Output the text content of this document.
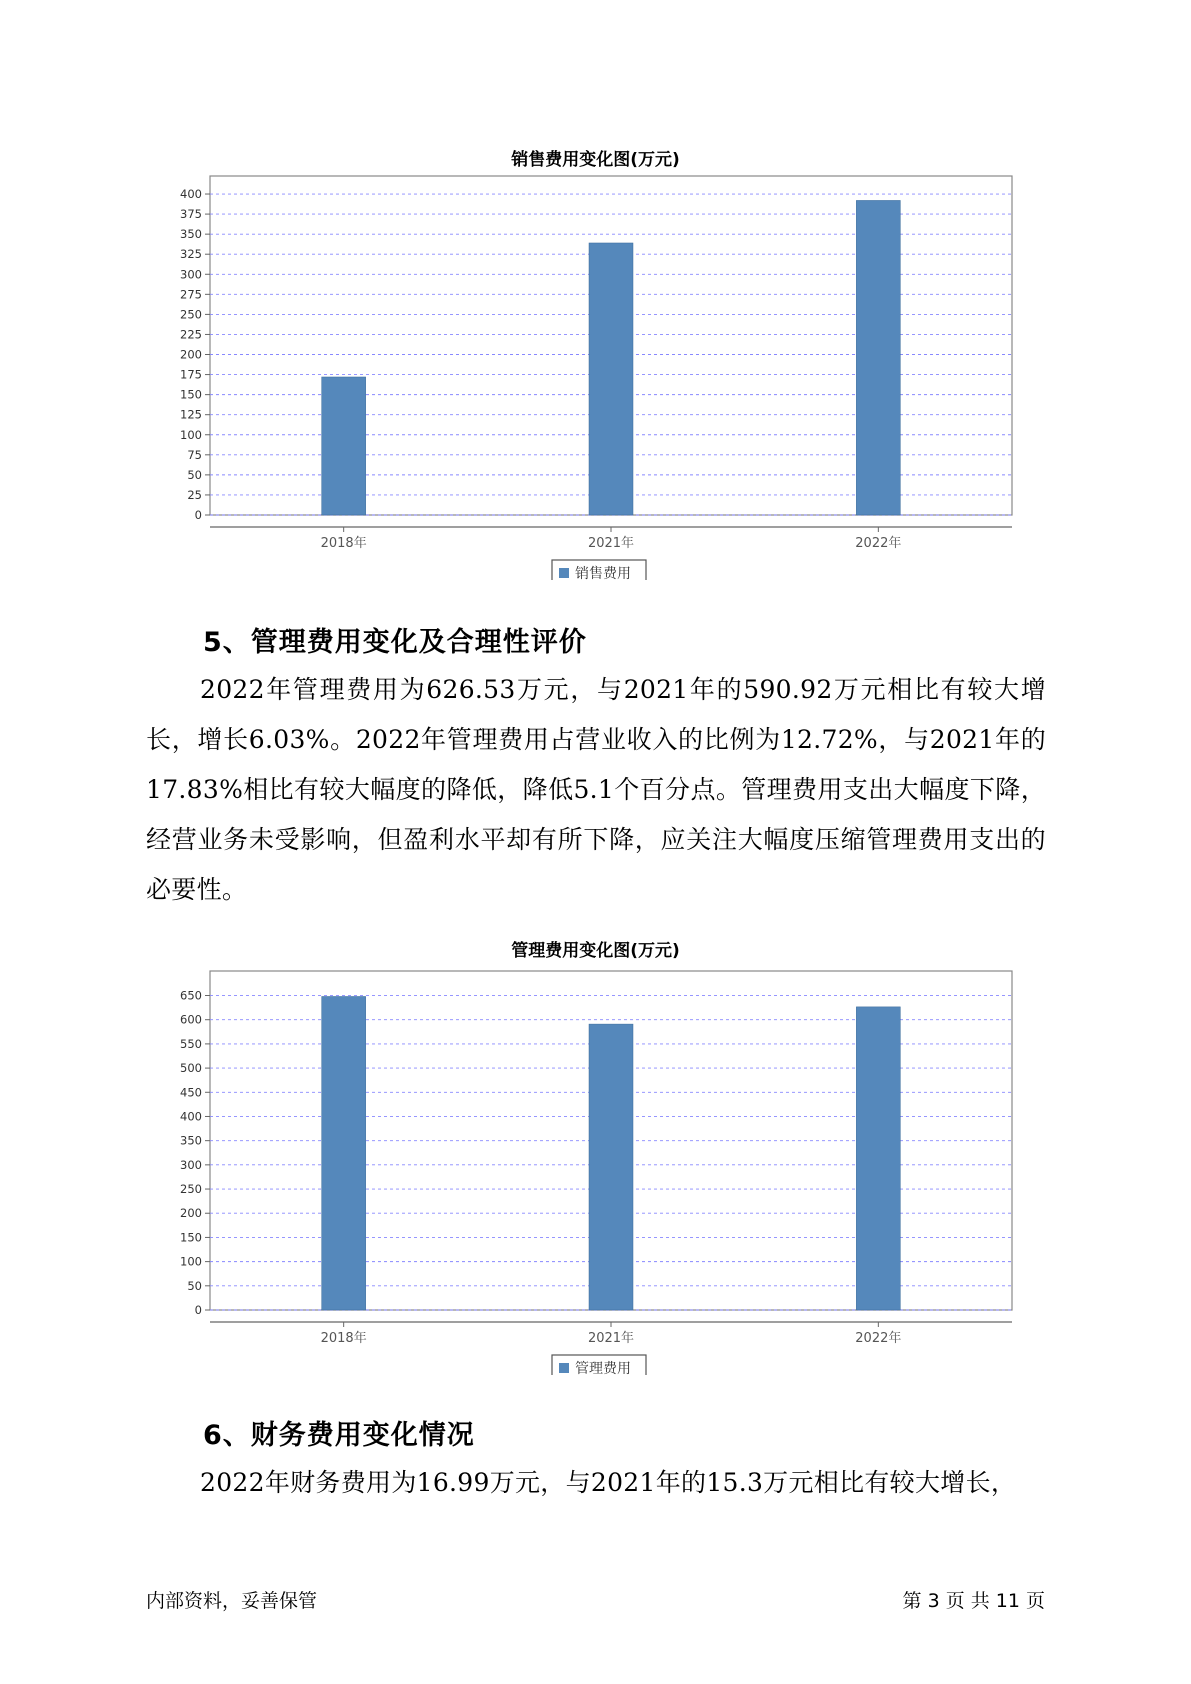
销售费用变化图(万元)
0
25
50
75
100
125
150
175
200
225
250
275
300
325
350
375
400
2018年	2021年	2022年
销售费用
5、管理费用变化及合理性评价
2022年管理费用为626.53万元，与2021年的590.92万元相比有较大增长，增长6.03%。2022年管理费用占营业收入的比例为12.72%，与2021年的17.83%相比有较大幅度的降低，降低5.1个百分点。管理费用支出大幅度下降，经营业务未受影响，但盈利水平却有所下降，应关注大幅度压缩管理费用支出的必要性。
管理费用变化图(万元)
0
50
100
150
200
250
300
350
400
450
500
550
600
650
2018年	2021年	2022年
管理费用
6、财务费用变化情况
2022年财务费用为16.99万元，与2021年的15.3万元相比有较大增长，
内部资料，妥善保管	第 3 页 共 11 页
